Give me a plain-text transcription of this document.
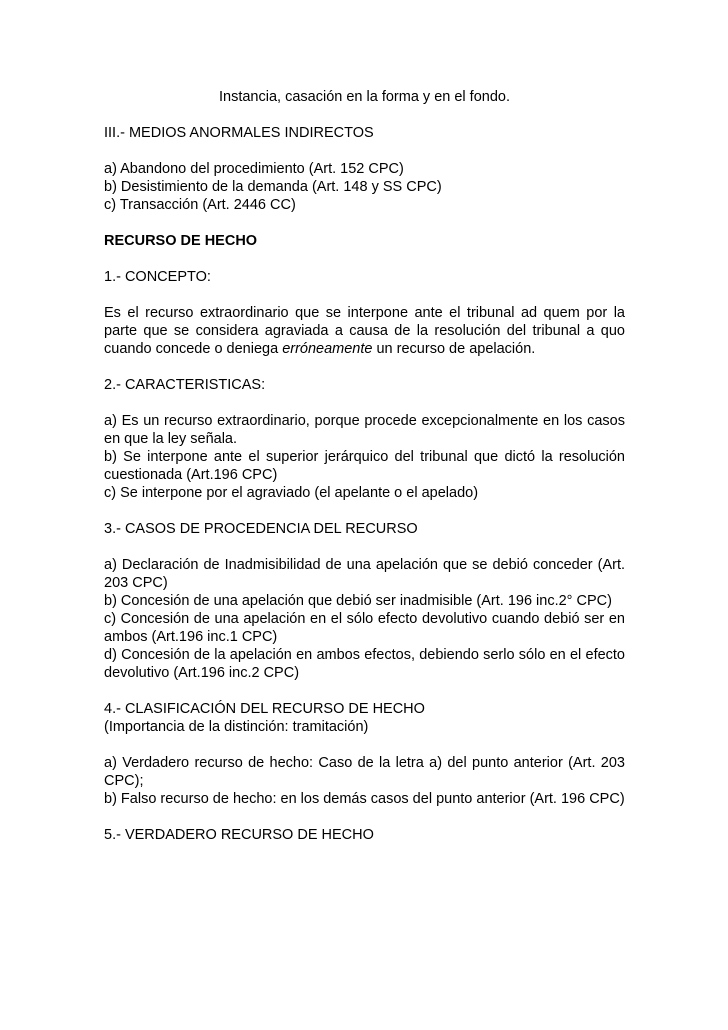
Instancia, casación en la forma y en el fondo.

III.- MEDIOS ANORMALES INDIRECTOS

a) Abandono del procedimiento (Art. 152 CPC)
b) Desistimiento de la demanda (Art. 148 y SS CPC)
c) Transacción (Art. 2446 CC)

RECURSO DE HECHO

1.- CONCEPTO:

Es el recurso extraordinario que se interpone ante el tribunal ad quem por la parte que se considera agraviada a causa de la resolución del tribunal a quo cuando concede o deniega erróneamente un recurso de apelación.

2.- CARACTERISTICAS:

a) Es un recurso extraordinario, porque procede excepcionalmente en los casos en que la ley señala.
b) Se interpone ante el superior jerárquico del tribunal que dictó la resolución cuestionada (Art.196 CPC)
c) Se interpone por el agraviado (el apelante o el apelado)

3.- CASOS DE PROCEDENCIA DEL RECURSO

a) Declaración de Inadmisibilidad de una apelación que se debió conceder (Art. 203 CPC)
b) Concesión de una apelación que debió ser inadmisible (Art. 196 inc.2° CPC)
c) Concesión de una apelación en el sólo efecto devolutivo cuando debió ser en ambos (Art.196 inc.1 CPC)
d) Concesión de la apelación en ambos efectos, debiendo serlo sólo en el efecto devolutivo (Art.196 inc.2 CPC)

4.- CLASIFICACIÓN DEL RECURSO DE HECHO

(Importancia de la distinción: tramitación)

a) Verdadero recurso de hecho: Caso de la letra a) del punto anterior (Art. 203 CPC);
b) Falso recurso de hecho: en los demás casos del punto anterior (Art. 196 CPC)

5.- VERDADERO RECURSO DE HECHO
